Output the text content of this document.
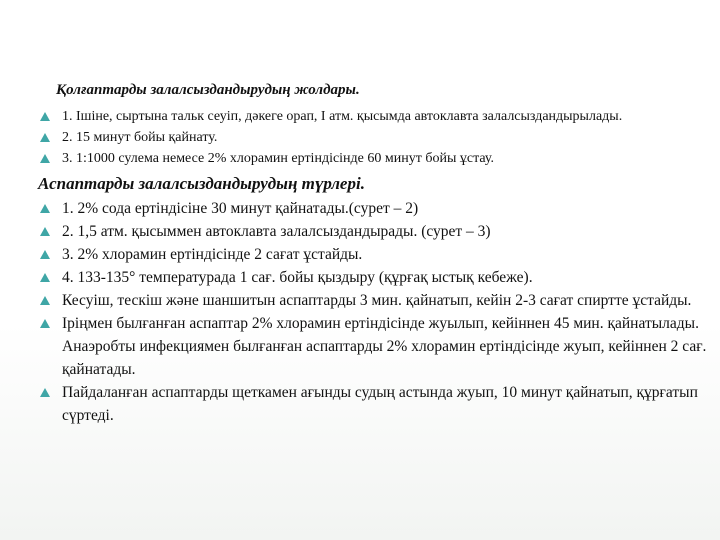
Қолғаптарды залалсыздандырудың жолдары.
1. Ішіне, сыртына тальк сеуіп, дәкеге орап, I атм. қысымда автоклавта залалсыздандырылады.
2. 15 минут бойы қайнату.
3. 1:1000 сулема немесе 2% хлорамин ертіндісінде 60 минут бойы ұстау.
Аспаптарды залалсыздандырудың түрлері.
1. 2% сода ертіндісіне 30 минут қайнатады.(сурет – 2)
2. 1,5 атм. қысыммен автоклавта залалсыздандырады. (сурет – 3)
3. 2% хлорамин ертіндісінде 2 сағат ұстайды.
4. 133-135° температурада 1 сағ. бойы қыздыру (құрғақ ыстық кебеже).
Кесуіш, тескіш және шаншитын аспаптарды 3 мин. қайнатып, кейін 2-3 сағат спиртте ұстайды.
Іріңмен былғанған аспаптар 2% хлорамин ертіндісінде жуылып, кейіннен 45 мин. қайнатылады. Анаэробты инфекциямен былғанған аспаптарды 2% хлорамин ертіндісінде жуып, кейіннен 2 сағ. қайнатады.
Пайдаланған аспаптарды щеткамен ағынды судың астында жуып, 10 минут қайнатып, құрғатып сүртеді.
